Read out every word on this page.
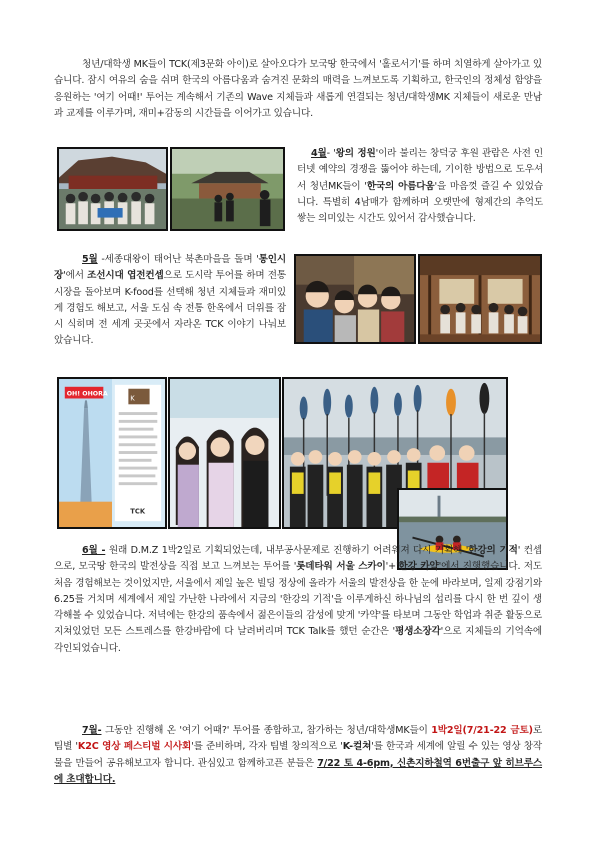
청년/대학생 MK들이 TCK(제3문화 아이)로 살아오다가 모국땅 한국에서 '홀로서기'를 하며 치열하게 살아가고 있습니다. 잠시 여유의 숨을 쉬며 한국의 아름다움과 숨겨진 문화의 매력을 느껴보도록 기획하고, 한국인의 정체성 함양을 응원하는 '여기 어때!' 투어는 계속해서 기존의 Wave 지체들과 새롭게 연결되는 청년/대학생MK 지체들이 새로운 만남과 교제를 이루가며, 재미+감동의 시간들을 이어가고 있습니다.

4월- '왕의 정원'이라 불리는 창덕궁 후원 관람은 사전 인터넷 예약의 경쟁을 뚫어야 하는데, 기이한 방법으로 도우셔서 청년MK들이 '한국의 아름다움'을 마음껏 즐길 수 있었습니다. 특별히 4남매가 함께하며 오랫만에 형제간의 추억도 쌓는 의미있는 시간도 있어서 감사했습니다.

5월 -세종대왕이 태어난 북촌마을을 돌며 '통인시장'에서 조선시대 엽전컨셉으로 도시락 투어를 하며 전통시장을 돌아보며 K-food를 선택해 청년 지체들과 재미있게 경험도 해보고, 서울 도심 속 전통 한옥에서 더위를 잠시 식히며 전 세계 곳곳에서 자라온 TCK 이야기 나눠보았습니다.

OH! OHORA
K
TCK

6월 - 원래 D.M.Z 1박2일로 기획되었는데, 내부공사문제로 진행하기 어려워져 다시 기획해 '한강의 기적' 컨셉으로, 모국땅 한국의 발전상을 직접 보고 느껴보는 투어를 '롯데타워 서울 스카이'+'한강 카약'에서 진행했습니다. 저도 처음 경험해보는 것이었지만, 서울에서 제일 높은 빌딩 정상에 올라가 서울의 발전상을 한 눈에 바라보며, 일제 강점기와 6.25를 거치며 세계에서 제일 가난한 나라에서 지금의 '한강의 기적'을 이루게하신 하나님의 섭리를 다시 한 번 깊이 생각해볼 수 있었습니다. 저녁에는 한강의 품속에서 젊은이들의 감성에 맞게 '카약'를 타보며 그동안 학업과 취준 활동으로 지쳐있었던 모든 스트레스를 한강바람에 다 날려버리며 TCK Talk를 했던 순간은 '평생소장각'으로 지체들의 기억속에 각인되었습니다.

7월- 그동안 진행해 온 '여기 어때?' 투어를 종합하고, 참가하는 청년/대학생MK들이 1박2일(7/21-22 금토)로 팀별 'K2C 영상 페스티벌 시사회'를 준비하며, 각자 팀별 창의적으로 'K-컬쳐'를 한국과 세계에 알릴 수 있는 영상 창작물을 만들어 공유해보고자 합니다. 관심있고 함께하고픈 분들은 7/22 토 4-6pm, 신촌지하철역 6번출구 앞 히브루스에 초대합니다.
